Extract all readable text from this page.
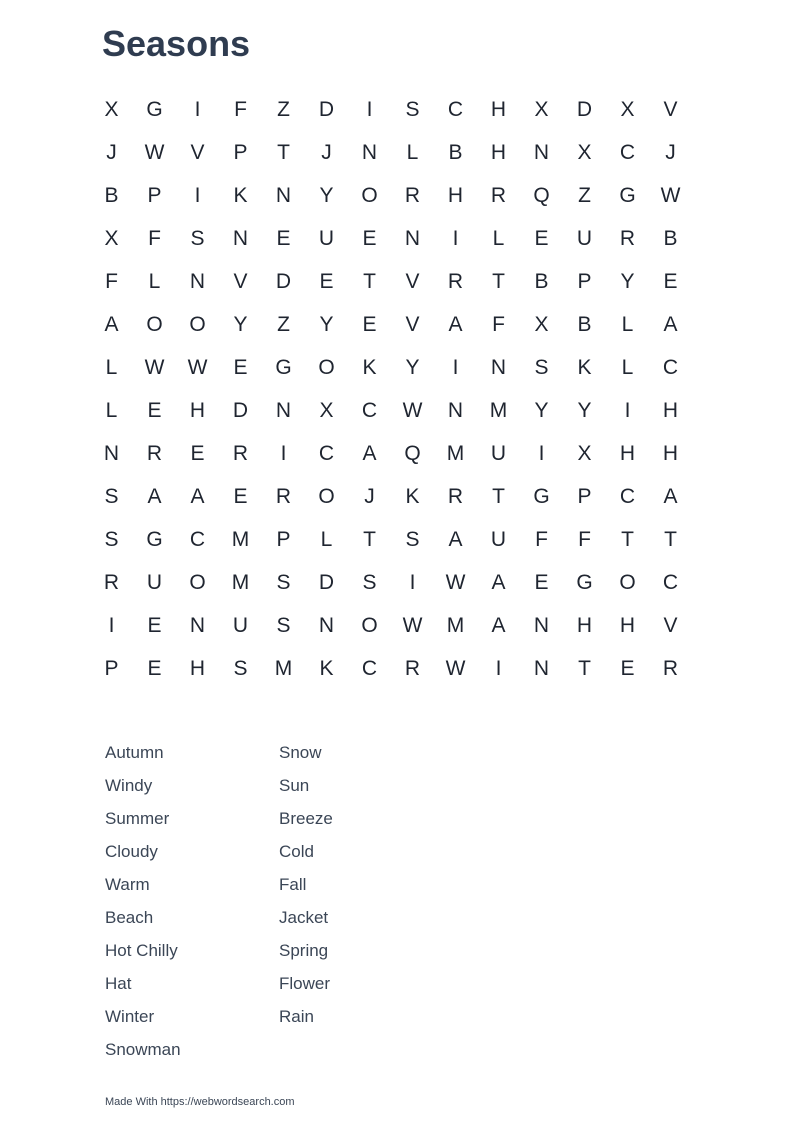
Seasons
X	G	I	F	Z	D	I	S	C	H	X	D	X	V
J	W	V	P	T	J	N	L	B	H	N	X	C	J
B	P	I	K	N	Y	O	R	H	R	Q	Z	G	W
X	F	S	N	E	U	E	N	I	L	E	U	R	B
F	L	N	V	D	E	T	V	R	T	B	P	Y	E
A	O	O	Y	Z	Y	E	V	A	F	X	B	L	A
L	W	W	E	G	O	K	Y	I	N	S	K	L	C
L	E	H	D	N	X	C	W	N	M	Y	Y	I	H
N	R	E	R	I	C	A	Q	M	U	I	X	H	H
S	A	A	E	R	O	J	K	R	T	G	P	C	A
S	G	C	M	P	L	T	S	A	U	F	F	T	T
R	U	O	M	S	D	S	I	W	A	E	G	O	C
I	E	N	U	S	N	O	W	M	A	N	H	H	V
P	E	H	S	M	K	C	R	W	I	N	T	E	R
Autumn
Windy
Summer
Cloudy
Warm
Beach
Hot Chilly
Hat
Winter
Snowman
Snow
Sun
Breeze
Cold
Fall
Jacket
Spring
Flower
Rain
Made With https://webwordsearch.com
